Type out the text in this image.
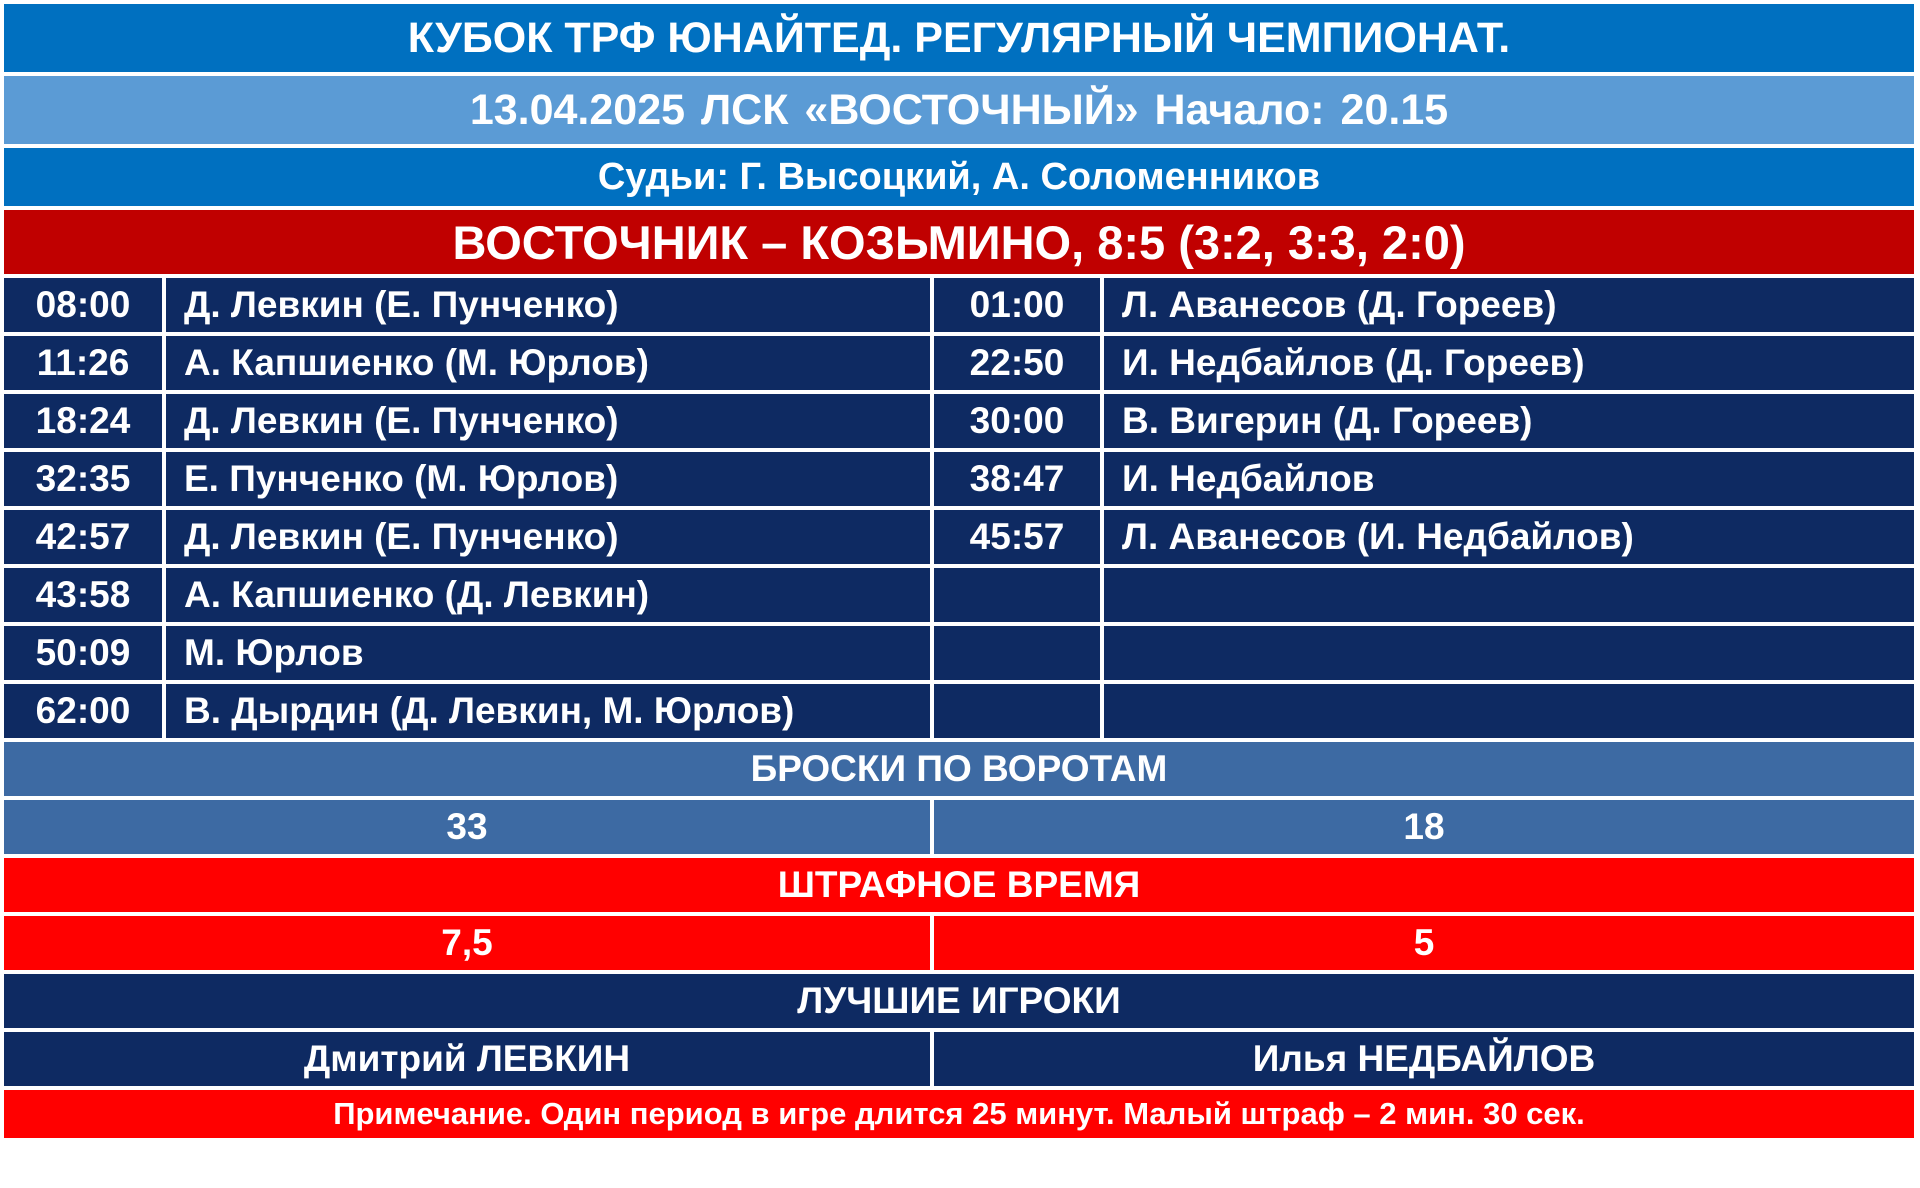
КУБОК ТРФ ЮНАЙТЕД. РЕГУЛЯРНЫЙ ЧЕМПИОНАТ.
13.04.2025 ЛСК «ВОСТОЧНЫЙ» Начало: 20.15
Судьи: Г. Высоцкий, А. Соломенников
ВОСТОЧНИК – КОЗЬМИНО, 8:5 (3:2, 3:3, 2:0)
08:00	Д. Левкин (Е. Пунченко)	01:00	Л. Аванесов (Д. Гореев)
11:26	А. Капшиенко (М. Юрлов)	22:50	И. Недбайлов (Д. Гореев)
18:24	Д. Левкин (Е. Пунченко)	30:00	В. Вигерин (Д. Гореев)
32:35	Е. Пунченко (М. Юрлов)	38:47	И. Недбайлов
42:57	Д. Левкин (Е. Пунченко)	45:57	Л. Аванесов (И. Недбайлов)
43:58	А. Капшиенко (Д. Левкин)
50:09	М. Юрлов
62:00	В. Дырдин (Д. Левкин, М. Юрлов)
БРОСКИ ПО ВОРОТАМ
33	18
ШТРАФНОЕ ВРЕМЯ
7,5	5
ЛУЧШИЕ ИГРОКИ
Дмитрий ЛЕВКИН	Илья НЕДБАЙЛОВ
Примечание. Один период в игре длится 25 минут. Малый штраф – 2 мин. 30 сек.
